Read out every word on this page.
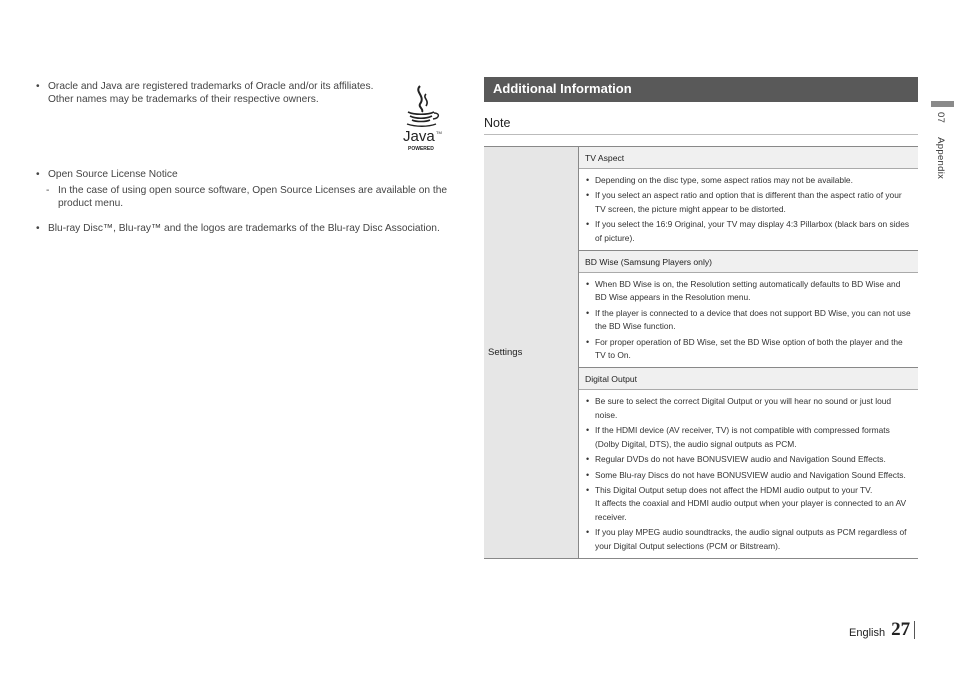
• Oracle and Java are registered trademarks of Oracle and/or its affiliates.
Other names may be trademarks of their respective owners.
• Open Source License Notice
- In the case of using open source software, Open Source Licenses are available on the product menu.
• Blu-ray Disc™, Blu-ray™ and the logos are trademarks of the Blu-ray Disc Association.
Java TM
POWERED
Additional Information
Note
Settings	TV Aspect

• Depending on the disc type, some aspect ratios may not be available.
• If you select an aspect ratio and option that is different than the aspect ratio of your TV screen, the picture might appear to be distorted.
• If you select the 16:9 Original, your TV may display 4:3 Pillarbox (black bars on sides of picture).

BD Wise (Samsung Players only)

• When BD Wise is on, the Resolution setting automatically defaults to BD Wise and BD Wise appears in the Resolution menu.
• If the player is connected to a device that does not support BD Wise, you can not use the BD Wise function.
• For proper operation of BD Wise, set the BD Wise option of both the player and the TV to On.

Digital Output

• Be sure to select the correct Digital Output or you will hear no sound or just loud noise.
• If the HDMI device (AV receiver, TV) is not compatible with compressed formats (Dolby Digital, DTS), the audio signal outputs as PCM.
• Regular DVDs do not have BONUSVIEW audio and Navigation Sound Effects.
• Some Blu-ray Discs do not have BONUSVIEW audio and Navigation Sound Effects.
• This Digital Output setup does not affect the HDMI audio output to your TV.
It affects the coaxial and HDMI audio output when your player is connected to an AV receiver.
• If you play MPEG audio soundtracks, the audio signal outputs as PCM regardless of your Digital Output selections (PCM or Bitstream).
07Appendix
English 27
